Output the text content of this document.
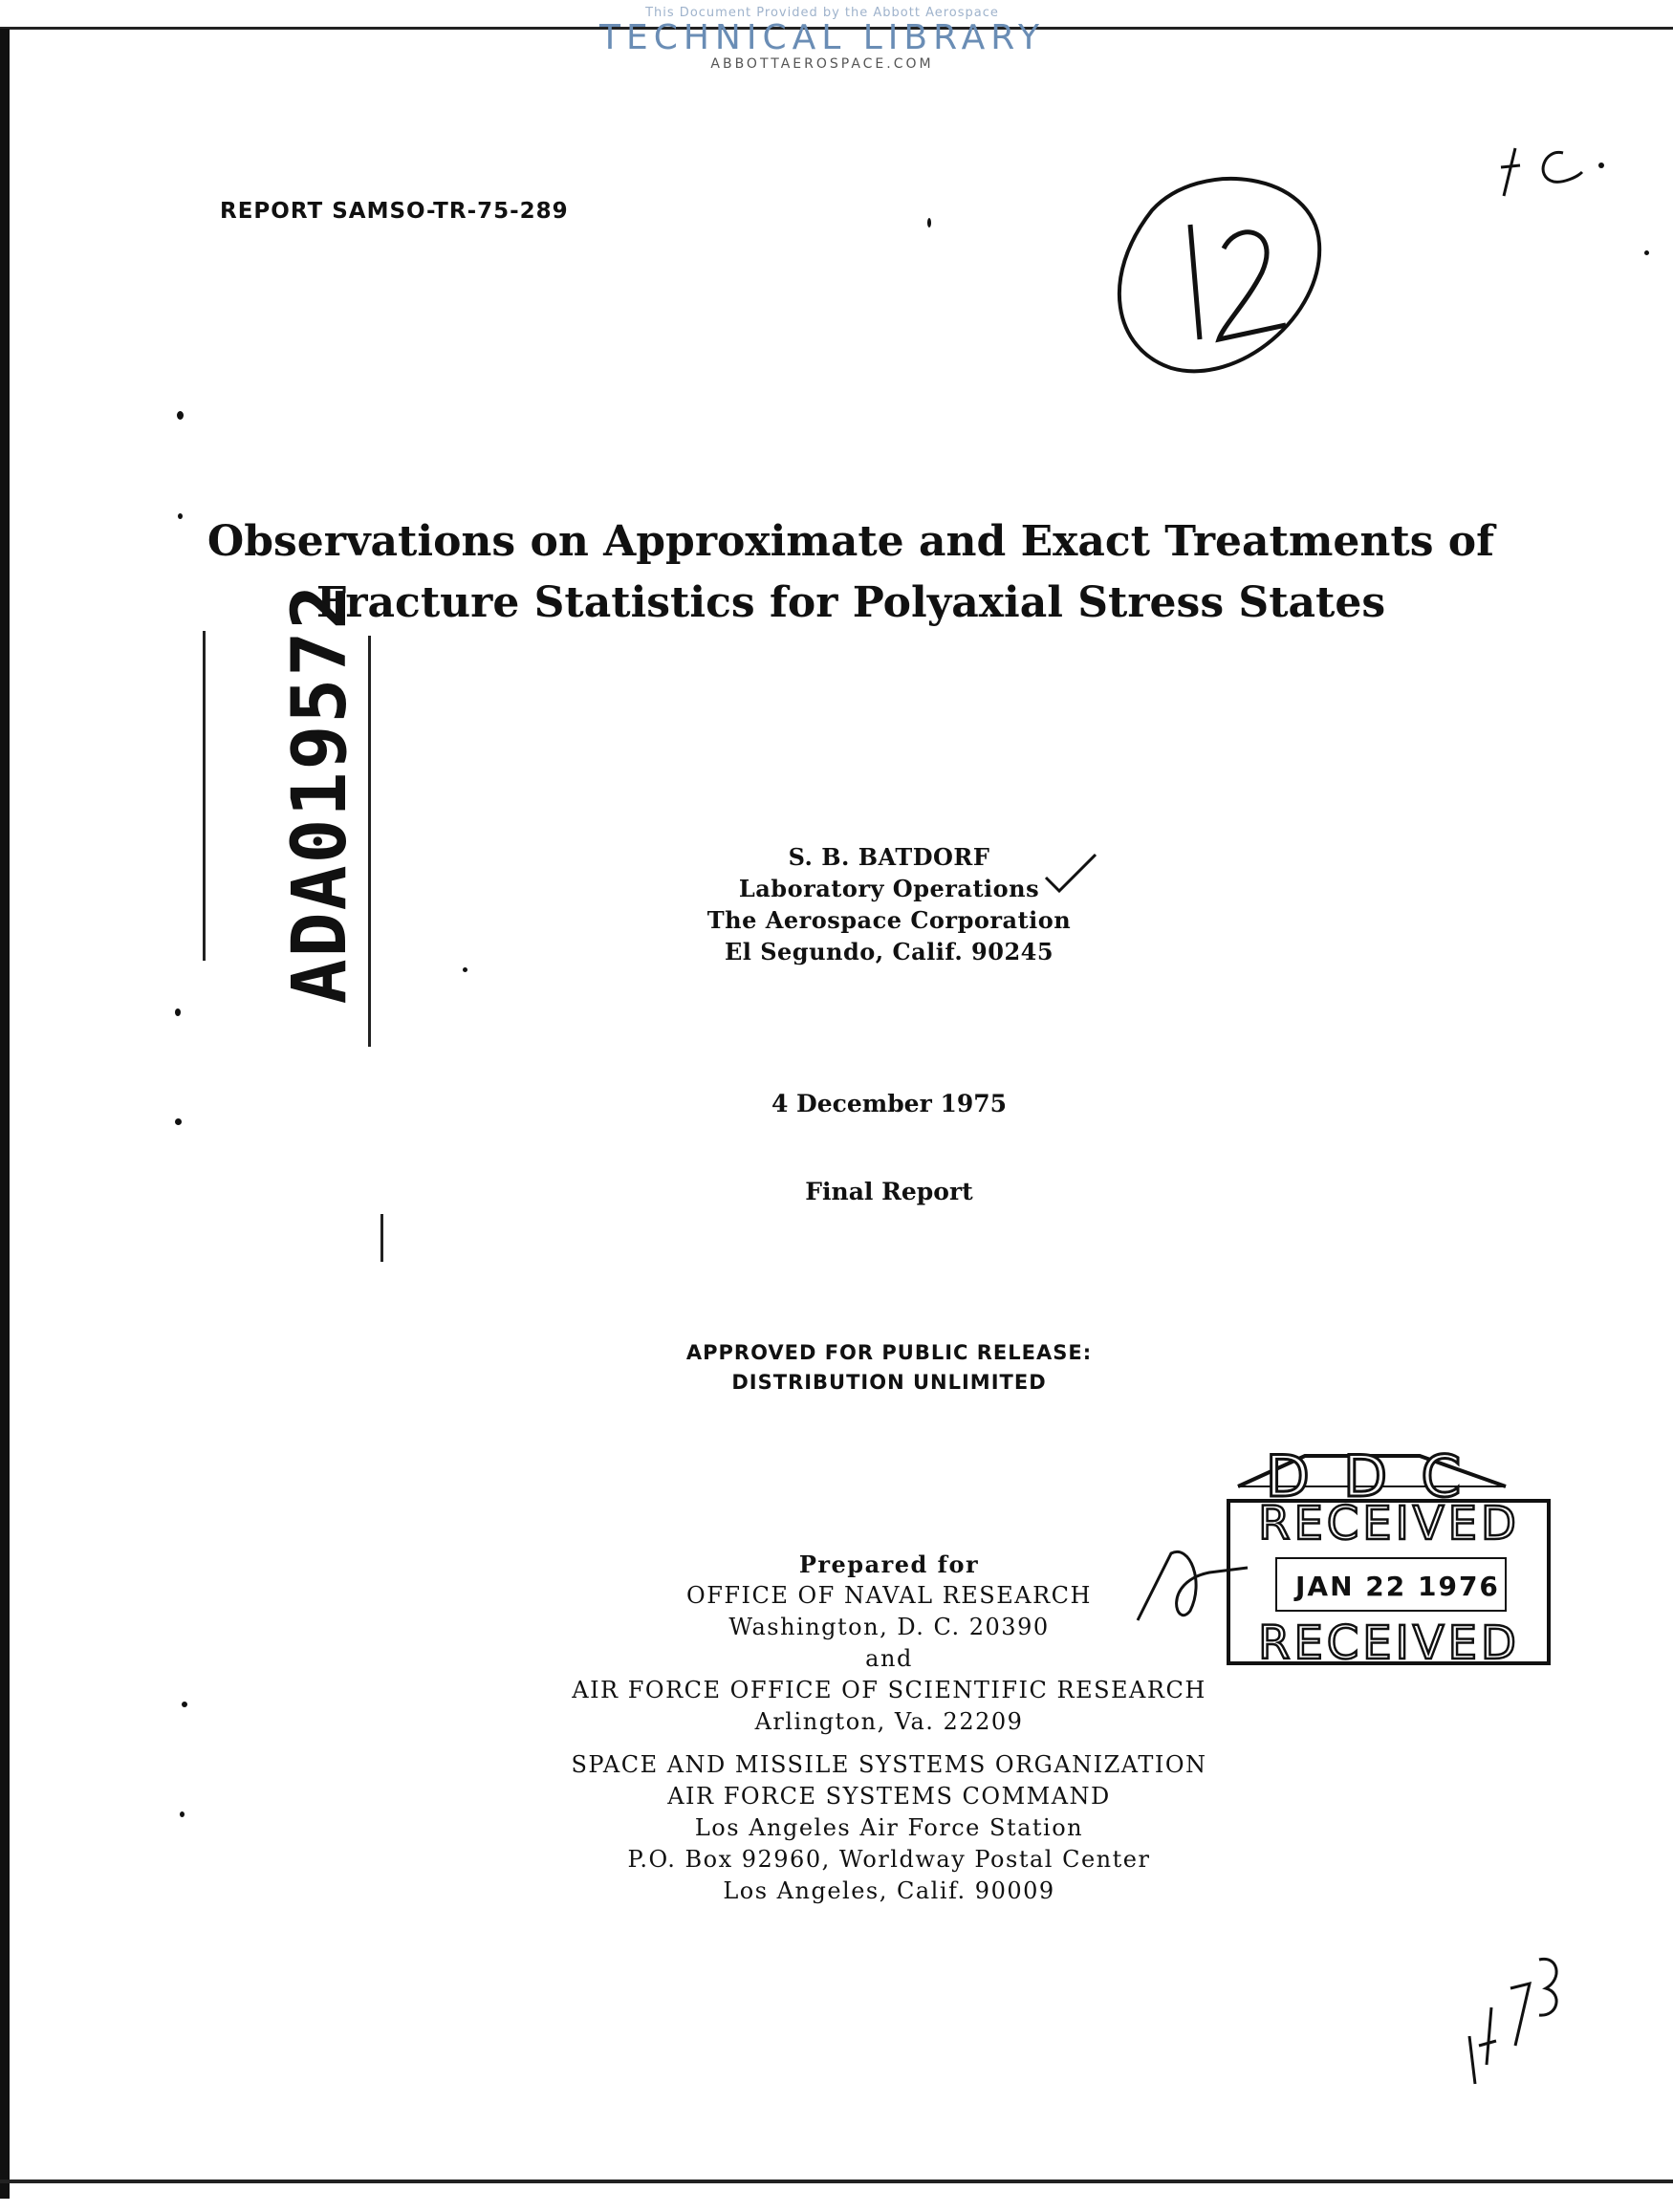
This Document Provided by the Abbott Aerospace
TECHNICAL LIBRARY
ABBOTTAEROSPACE.COM
REPORT SAMSO-TR-75-289
12
F.C.
Observations on Approximate and Exact Treatments of
Fracture Statistics for Polyaxial Stress States
ADA019572	S. B. BATDORF
Laboratory Operations
The Aerospace Corporation
El Segundo, Calif. 90245
4 December 1975
Final Report
APPROVED FOR PUBLIC RELEASE:
DISTRIBUTION UNLIMITED
D D C
RECEIVED
RECEIVED
JAN 22 1976
Prepared for
OFFICE OF NAVAL RESEARCH
Washington, D. C. 20390
and
AIR FORCE OFFICE OF SCIENTIFIC RESEARCH
Arlington, Va. 22209
SPACE AND MISSILE SYSTEMS ORGANIZATION
AIR FORCE SYSTEMS COMMAND
Los Angeles Air Force Station
P.O. Box 92960, Worldway Postal Center
Los Angeles, Calif. 90009
1473
